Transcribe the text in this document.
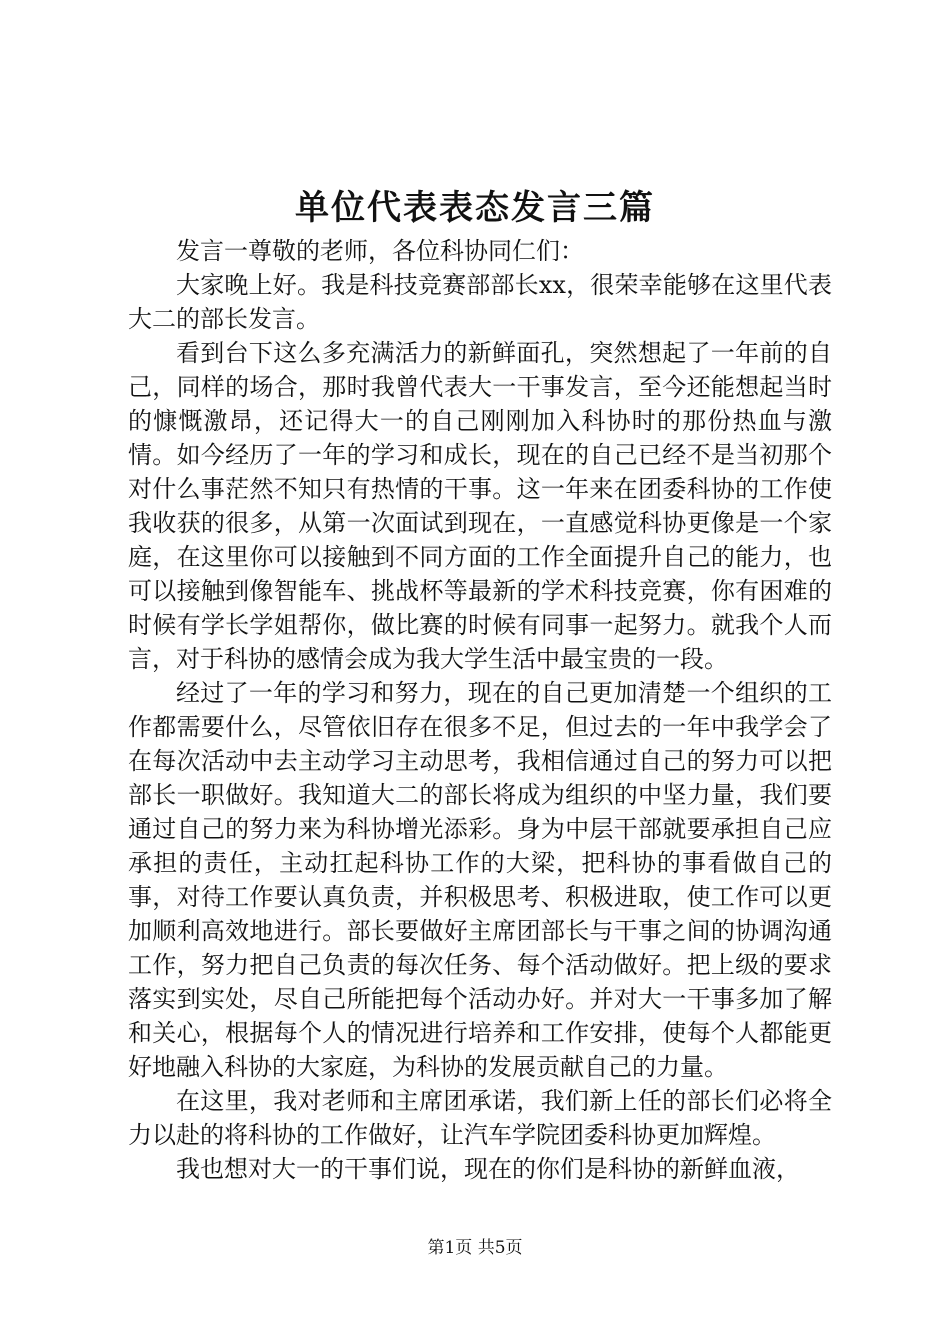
单位代表表态发言三篇

发言一尊敬的老师，各位科协同仁们：

大家晚上好。我是科技竞赛部部长xx，很荣幸能够在这里代表大二的部长发言。

看到台下这么多充满活力的新鲜面孔，突然想起了一年前的自己，同样的场合，那时我曾代表大一干事发言，至今还能想起当时的慷慨激昂，还记得大一的自己刚刚加入科协时的那份热血与激情。如今经历了一年的学习和成长，现在的自己已经不是当初那个对什么事茫然不知只有热情的干事。这一年来在团委科协的工作使我收获的很多，从第一次面试到现在，一直感觉科协更像是一个家庭，在这里你可以接触到不同方面的工作全面提升自己的能力，也可以接触到像智能车、挑战杯等最新的学术科技竞赛，你有困难的时候有学长学姐帮你，做比赛的时候有同事一起努力。就我个人而言，对于科协的感情会成为我大学生活中最宝贵的一段。

经过了一年的学习和努力，现在的自己更加清楚一个组织的工作都需要什么，尽管依旧存在很多不足，但过去的一年中我学会了在每次活动中去主动学习主动思考，我相信通过自己的努力可以把部长一职做好。我知道大二的部长将成为组织的中坚力量，我们要通过自己的努力来为科协增光添彩。身为中层干部就要承担自己应承担的责任，主动扛起科协工作的大梁，把科协的事看做自己的事，对待工作要认真负责，并积极思考、积极进取，使工作可以更加顺利高效地进行。部长要做好主席团部长与干事之间的协调沟通工作，努力把自己负责的每次任务、每个活动做好。把上级的要求落实到实处，尽自己所能把每个活动办好。并对大一干事多加了解和关心，根据每个人的情况进行培养和工作安排，使每个人都能更好地融入科协的大家庭，为科协的发展贡献自己的力量。

在这里，我对老师和主席团承诺，我们新上任的部长们必将全力以赴的将科协的工作做好，让汽车学院团委科协更加辉煌。

我也想对大一的干事们说，现在的你们是科协的新鲜血液，

第1页 共5页
